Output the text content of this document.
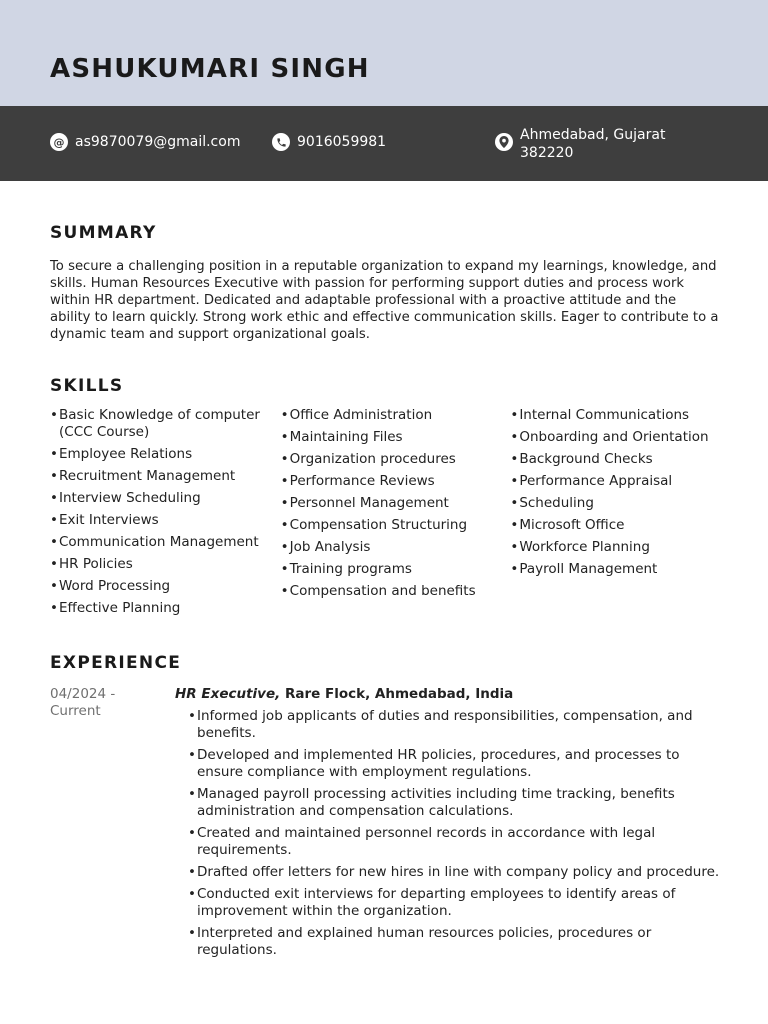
ASHUKUMARI SINGH
@ as9870079@gmail.com	9016059981	Ahmedabad, Gujarat
382220
SUMMARY

To secure a challenging position in a reputable organization to expand my learnings, knowledge, and skills. Human Resources Executive with passion for performing support duties and process work within HR department. Dedicated and adaptable professional with a proactive attitude and the ability to learn quickly. Strong work ethic and effective communication skills. Eager to contribute to a dynamic team and support organizational goals.

SKILLS
• Basic Knowledge of computer (CCC Course)
• Employee Relations
• Recruitment Management
• Interview Scheduling
• Exit Interviews
• Communication Management
• HR Policies
• Word Processing
• Effective Planning
• Office Administration
• Maintaining Files
• Organization procedures
• Performance Reviews
• Personnel Management
• Compensation Structuring
• Job Analysis
• Training programs
• Compensation and benefits
• Internal Communications
• Onboarding and Orientation
• Background Checks
• Performance Appraisal
• Scheduling
• Microsoft Office
• Workforce Planning
• Payroll Management
EXPERIENCE
04/2024 -
Current
HR Executive, Rare Flock, Ahmedabad, India
• Informed job applicants of duties and responsibilities, compensation, and benefits.
• Developed and implemented HR policies, procedures, and processes to ensure compliance with employment regulations.
• Managed payroll processing activities including time tracking, benefits administration and compensation calculations.
• Created and maintained personnel records in accordance with legal requirements.
• Drafted offer letters for new hires in line with company policy and procedure.
• Conducted exit interviews for departing employees to identify areas of improvement within the organization.
• Interpreted and explained human resources policies, procedures or regulations.
